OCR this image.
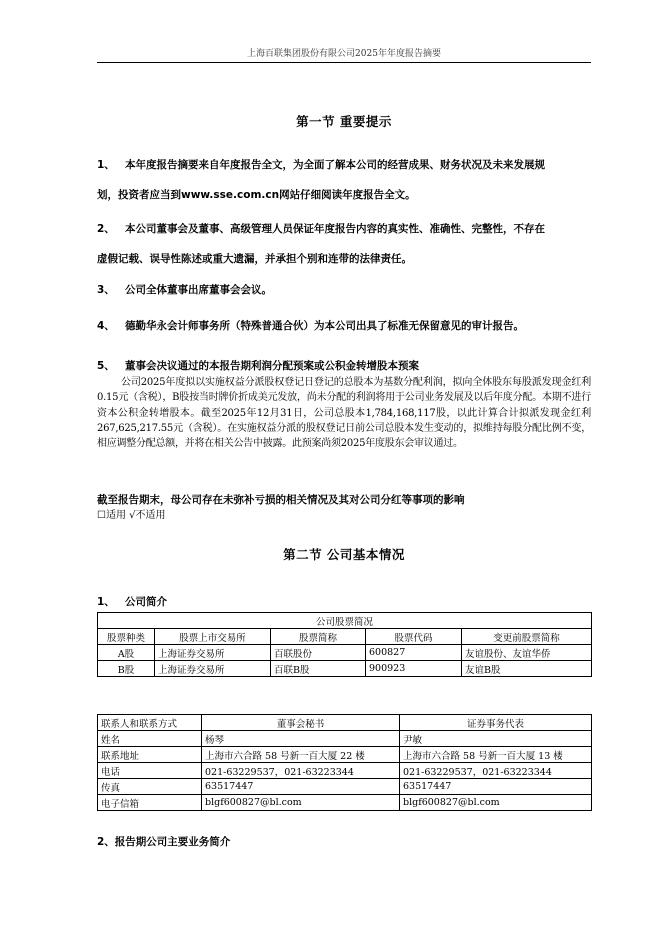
上海百联集团股份有限公司2025年年度报告摘要
第一节 重要提示
1、 本年度报告摘要来自年度报告全文，为全面了解本公司的经营成果、财务状况及未来发展规
划，投资者应当到www.sse.com.cn网站仔细阅读年度报告全文。
2、 本公司董事会及董事、高级管理人员保证年度报告内容的真实性、准确性、完整性，不存在
虚假记载、误导性陈述或重大遗漏，并承担个别和连带的法律责任。
3、 公司全体董事出席董事会会议。
4、 德勤华永会计师事务所（特殊普通合伙）为本公司出具了标准无保留意见的审计报告。
5、 董事会决议通过的本报告期利润分配预案或公积金转增股本预案
公司2025年度拟以实施权益分派股权登记日登记的总股本为基数分配利润，拟向全体股东每股派发现金红利0.15元（含税），B股按当时牌价折成美元发放，尚未分配的利润将用于公司业务发展及以后年度分配。本期不进行资本公积金转增股本。截至2025年12月31日，公司总股本1,784,168,117股，以此计算合计拟派发现金红利267,625,217.55元（含税）。在实施权益分派的股权登记日前公司总股本发生变动的，拟维持每股分配比例不变，相应调整分配总额，并将在相关公告中披露。此预案尚须2025年度股东会审议通过。
截至报告期末，母公司存在未弥补亏损的相关情况及其对公司分红等事项的影响
☐适用 √不适用
第二节 公司基本情况
1、 公司简介
公司股票简况				
股票种类	股票上市交易所	股票简称	股票代码	变更前股票简称
A股	上海证券交易所	百联股份	600827	友谊股份、友谊华侨
B股	上海证券交易所	百联B股	900923	友谊B股
联系人和联系方式	董事会秘书	证券事务代表
姓名	杨琴	尹敏
联系地址	上海市六合路 58 号新一百大厦 22 楼	上海市六合路 58 号新一百大厦 13 楼
电话	021-63229537，021-63223344	021-63229537，021-63223344
传真	63517447	63517447
电子信箱	blgf600827@bl.com	blgf600827@bl.com
2、报告期公司主要业务简介
